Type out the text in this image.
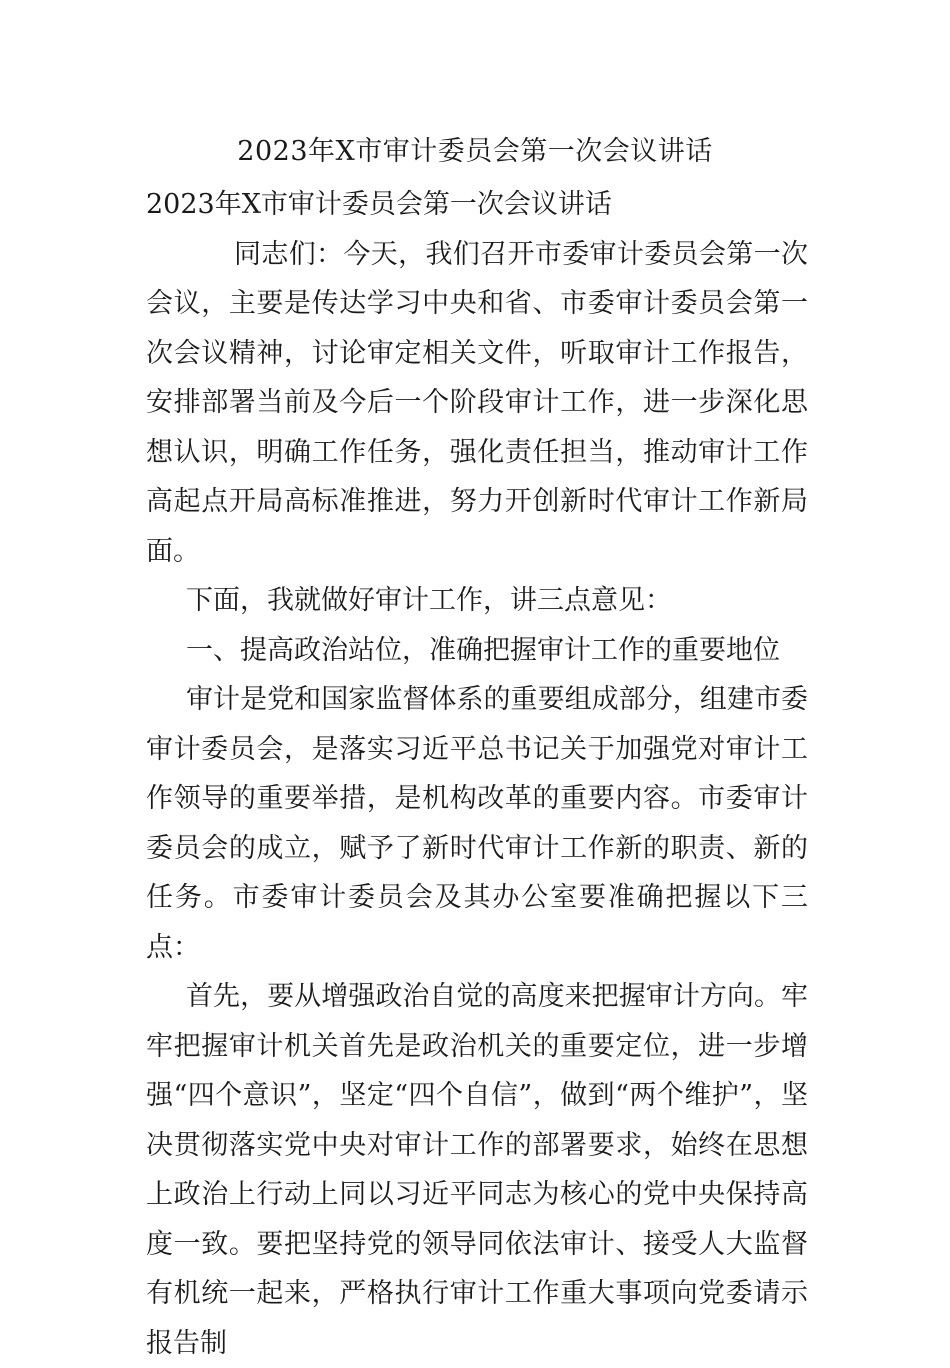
2023年X市审计委员会第一次会议讲话

2023年X市审计委员会第一次会议讲话

同志们：今天，我们召开市委审计委员会第一次会议，主要是传达学习中央和省、市委审计委员会第一次会议精神，讨论审定相关文件，听取审计工作报告，安排部署当前及今后一个阶段审计工作，进一步深化思想认识，明确工作任务，强化责任担当，推动审计工作高起点开局高标准推进，努力开创新时代审计工作新局面。

下面，我就做好审计工作，讲三点意见：

一、提高政治站位，准确把握审计工作的重要地位

审计是党和国家监督体系的重要组成部分，组建市委审计委员会，是落实习近平总书记关于加强党对审计工作领导的重要举措，是机构改革的重要内容。市委审计委员会的成立，赋予了新时代审计工作新的职责、新的任务。市委审计委员会及其办公室要准确把握以下三点：

首先，要从增强政治自觉的高度来把握审计方向。牢牢把握审计机关首先是政治机关的重要定位，进一步增强“四个意识”，坚定“四个自信”，做到“两个维护”，坚决贯彻落实党中央对审计工作的部署要求，始终在思想上政治上行动上同以习近平同志为核心的党中央保持高度一致。要把坚持党的领导同依法审计、接受人大监督有机统一起来，严格执行审计工作重大事项向党委请示报告制
